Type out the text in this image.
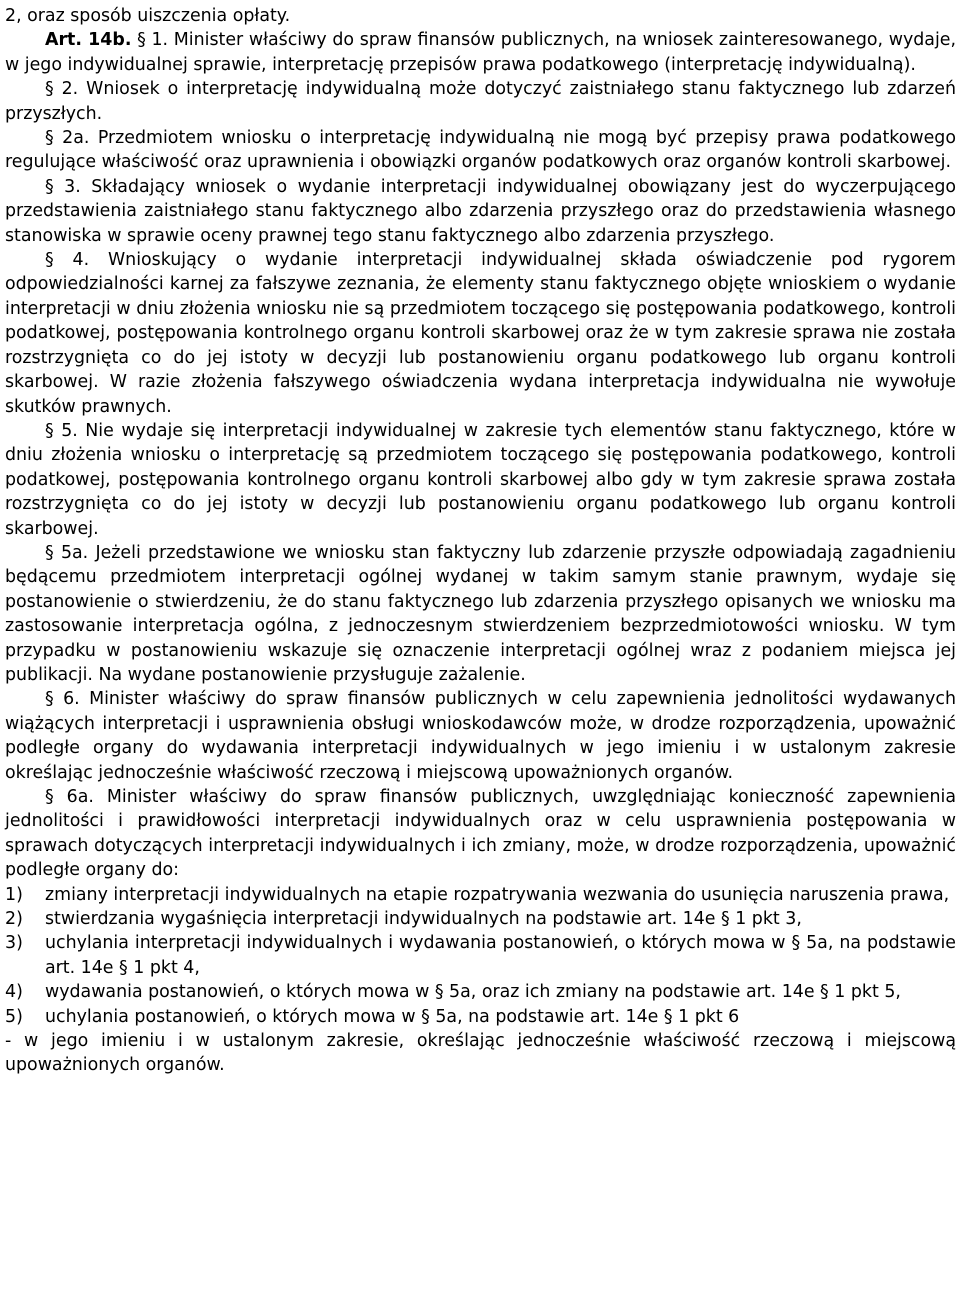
2, oraz sposób uiszczenia opłaty.

Art. 14b. § 1. Minister właściwy do spraw finansów publicznych, na wniosek zainteresowanego, wydaje, w jego indywidualnej sprawie, interpretację przepisów prawa podatkowego (interpretację indywidualną).

§ 2. Wniosek o interpretację indywidualną może dotyczyć zaistniałego stanu faktycznego lub zdarzeń przyszłych.

§ 2a. Przedmiotem wniosku o interpretację indywidualną nie mogą być przepisy prawa podatkowego regulujące właściwość oraz uprawnienia i obowiązki organów podatkowych oraz organów kontroli skarbowej.

§ 3. Składający wniosek o wydanie interpretacji indywidualnej obowiązany jest do wyczerpującego przedstawienia zaistniałego stanu faktycznego albo zdarzenia przyszłego oraz do przedstawienia własnego stanowiska w sprawie oceny prawnej tego stanu faktycznego albo zdarzenia przyszłego.

§ 4. Wnioskujący o wydanie interpretacji indywidualnej składa oświadczenie pod rygorem odpowiedzialności karnej za fałszywe zeznania, że elementy stanu faktycznego objęte wnioskiem o wydanie interpretacji w dniu złożenia wniosku nie są przedmiotem toczącego się postępowania podatkowego, kontroli podatkowej, postępowania kontrolnego organu kontroli skarbowej oraz że w tym zakresie sprawa nie została rozstrzygnięta co do jej istoty w decyzji lub postanowieniu organu podatkowego lub organu kontroli skarbowej. W razie złożenia fałszywego oświadczenia wydana interpretacja indywidualna nie wywołuje skutków prawnych.

§ 5. Nie wydaje się interpretacji indywidualnej w zakresie tych elementów stanu faktycznego, które w dniu złożenia wniosku o interpretację są przedmiotem toczącego się postępowania podatkowego, kontroli podatkowej, postępowania kontrolnego organu kontroli skarbowej albo gdy w tym zakresie sprawa została rozstrzygnięta co do jej istoty w decyzji lub postanowieniu organu podatkowego lub organu kontroli skarbowej.

§ 5a. Jeżeli przedstawione we wniosku stan faktyczny lub zdarzenie przyszłe odpowiadają zagadnieniu będącemu przedmiotem interpretacji ogólnej wydanej w takim samym stanie prawnym, wydaje się postanowienie o stwierdzeniu, że do stanu faktycznego lub zdarzenia przyszłego opisanych we wniosku ma zastosowanie interpretacja ogólna, z jednoczesnym stwierdzeniem bezprzedmiotowości wniosku. W tym przypadku w postanowieniu wskazuje się oznaczenie interpretacji ogólnej wraz z podaniem miejsca jej publikacji. Na wydane postanowienie przysługuje zażalenie.

§ 6. Minister właściwy do spraw finansów publicznych w celu zapewnienia jednolitości wydawanych wiążących interpretacji i usprawnienia obsługi wnioskodawców może, w drodze rozporządzenia, upoważnić podległe organy do wydawania interpretacji indywidualnych w jego imieniu i w ustalonym zakresie określając jednocześnie właściwość rzeczową i miejscową upoważnionych organów.

§ 6a. Minister właściwy do spraw finansów publicznych, uwzględniając konieczność zapewnienia jednolitości i prawidłowości interpretacji indywidualnych oraz w celu usprawnienia postępowania w sprawach dotyczących interpretacji indywidualnych i ich zmiany, może, w drodze rozporządzenia, upoważnić podległe organy do:

1)	zmiany interpretacji indywidualnych na etapie rozpatrywania wezwania do usunięcia naruszenia prawa,
2)	stwierdzania wygaśnięcia interpretacji indywidualnych na podstawie art. 14e § 1 pkt 3,
3)	uchylania interpretacji indywidualnych i wydawania postanowień, o których mowa w § 5a, na podstawie art. 14e § 1 pkt 4,
4)	wydawania postanowień, o których mowa w § 5a, oraz ich zmiany na podstawie art. 14e § 1 pkt 5,
5)	uchylania postanowień, o których mowa w § 5a, na podstawie art. 14e § 1 pkt 6

- w jego imieniu i w ustalonym zakresie, określając jednocześnie właściwość rzeczową i miejscową upoważnionych organów.
